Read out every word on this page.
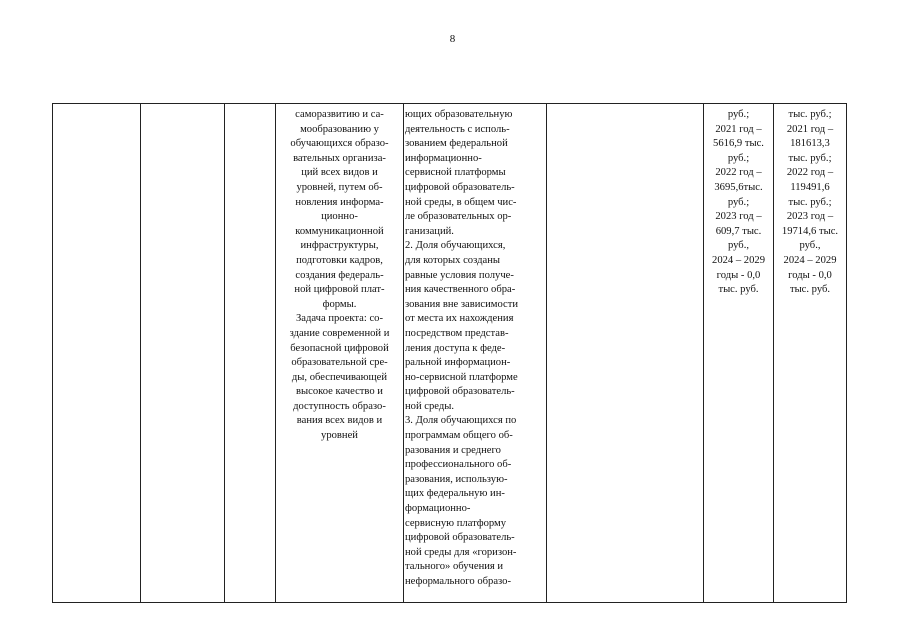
8
саморазвитию и са-
мообразованию у
обучающихся образо-
вательных организа-
ций всех видов и
уровней, путем об-
новления информа-
ционно-
коммуникационной
инфраструктуры,
подготовки кадров,
создания федераль-
ной цифровой плат-
формы.
Задача проекта: со-
здание современной и
безопасной цифровой
образовательной сре-
ды, обеспечивающей
высокое качество и
доступность образо-
вания всех видов и
уровней
ющих образовательную
деятельность с исполь-
зованием федеральной
информационно-
сервисной платформы
цифровой образователь-
ной среды, в общем чис-
ле образовательных ор-
ганизаций.
2. Доля обучающихся,
для которых созданы
равные условия получе-
ния качественного обра-
зования вне зависимости
от места их нахождения
посредством представ-
ления доступа к феде-
ральной информацион-
но-сервисной платформе
цифровой образователь-
ной среды.
3. Доля обучающихся по
программам общего об-
разования и среднего
профессионального об-
разования, использую-
щих федеральную ин-
формационно-
сервисную платформу
цифровой образователь-
ной среды для «горизон-
тального» обучения и
неформального образо-
руб.;
2021 год –
5616,9 тыс.
руб.;
2022 год –
3695,6тыс.
руб.;
2023 год –
609,7 тыс.
руб.,
2024 – 2029
годы - 0,0
тыс. руб.
тыс. руб.;
2021 год –
181613,3
тыс. руб.;
2022 год –
119491,6
тыс. руб.;
2023 год –
19714,6 тыс.
руб.,
2024 – 2029
годы - 0,0
тыс. руб.
